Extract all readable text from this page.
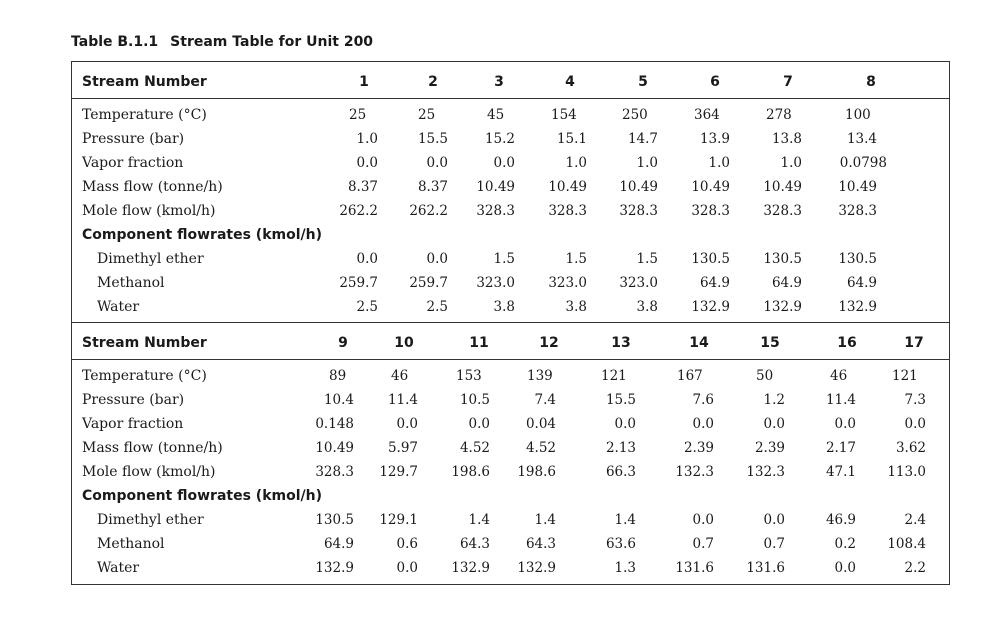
Table B.1.1 Stream Table for Unit 200
Stream Number	1	2	3	4	5	6	7	8
Temperature (°C)	25	25	45	154	250	364	278	100
Pressure (bar)	1.0	15.5	15.2	15.1	14.7	13.9	13.8	13.4
Vapor fraction	0.0	0.0	0.0	1.0	1.0	1.0	1.0	0.0798
Mass flow (tonne/h)	8.37	8.37 10.49 10.49 10.49 10.49 10.49	10.49
Mole flow (kmol/h)	262.2 262.2 328.3 328.3 328.3 328.3 328.3	328.3
Component flowrates (kmol/h)
Dimethyl ether	0.0	0.0	1.5	1.5	1.5 130.5 130.5	130.5
Methanol	259.7 259.7 323.0 323.0 323.0	64.9	64.9	64.9
Water	2.5	2.5	3.8	3.8	3.8 132.9 132.9	132.9
Stream Number	9	10	11	12	13	14	15	16	17
Temperature (°C)	89	46	153	139	121	167	50	46	121
Pressure (bar)	10.4	11.4	10.5	7.4	15.5	7.6	1.2	11.4	7.3
Vapor fraction	0.148	0.0	0.0	0.04	0.0	0.0	0.0	0.0	0.0
Mass flow (tonne/h)	10.49	5.97	4.52	4.52	2.13	2.39	2.39	2.17	3.62
Mole flow (kmol/h)	328.3 129.7 198.6 198.6	66.3	132.3 132.3	47.1 113.0
Component flowrates (kmol/h)
Dimethyl ether	130.5 129.1	1.4	1.4	1.4	0.0	0.0	46.9	2.4
Methanol	64.9	0.6	64.3	64.3	63.6	0.7	0.7	0.2 108.4
Water	132.9	0.0 132.9 132.9	1.3	131.6 131.6	0.0	2.2
